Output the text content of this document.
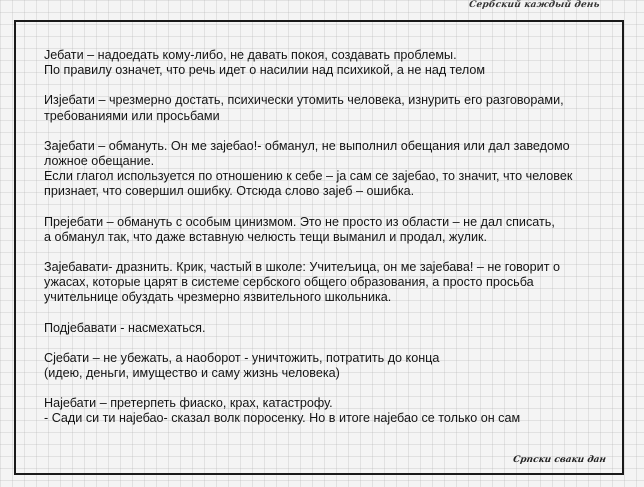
Сербский каждый день

Јебати – надоедать кому-либо, не давать покоя, создавать проблемы.
По правилу означет, что речь идет о насилии над психикой, а не над телом

Изјебати – чрезмерно достать, психически утомить человека, изнурить его разговорами,
требованиями или просьбами

Зајебати – обмануть. Он ме зајебао!- обманул, не выполнил обещания или дал заведомо
ложное обещание.
Если глагол используется по отношению к себе – ја сам се зајебао, то значит, что человек
признает, что совершил ошибку. Отсюда слово зајеб – ошибка.

Прејебати – обмануть с особым цинизмом. Это не просто из области – не дал списать,
а обманул так, что даже вставную челюсть тещи выманил и продал, жулик.

Зајебавати- дразнить. Крик, частый в школе: Учитељица, он ме зајебава! – не говорит о
ужасах, которые царят в системе сербского общего образования, а просто просьба
учительнице обуздать чрезмерно язвительного школьника.

Подјебавати - насмехаться.

Сјебати – не убежать, а наоборот - уничтожить, потратить до конца
(идею, деньги, имущество и саму жизнь человека)

Најебати – претерпеть фиаско, крах, катастрофу.
- Сади си ти најебао- сказал волк поросенку. Но в итоге најебао се только он сам

Српски сваки дан
